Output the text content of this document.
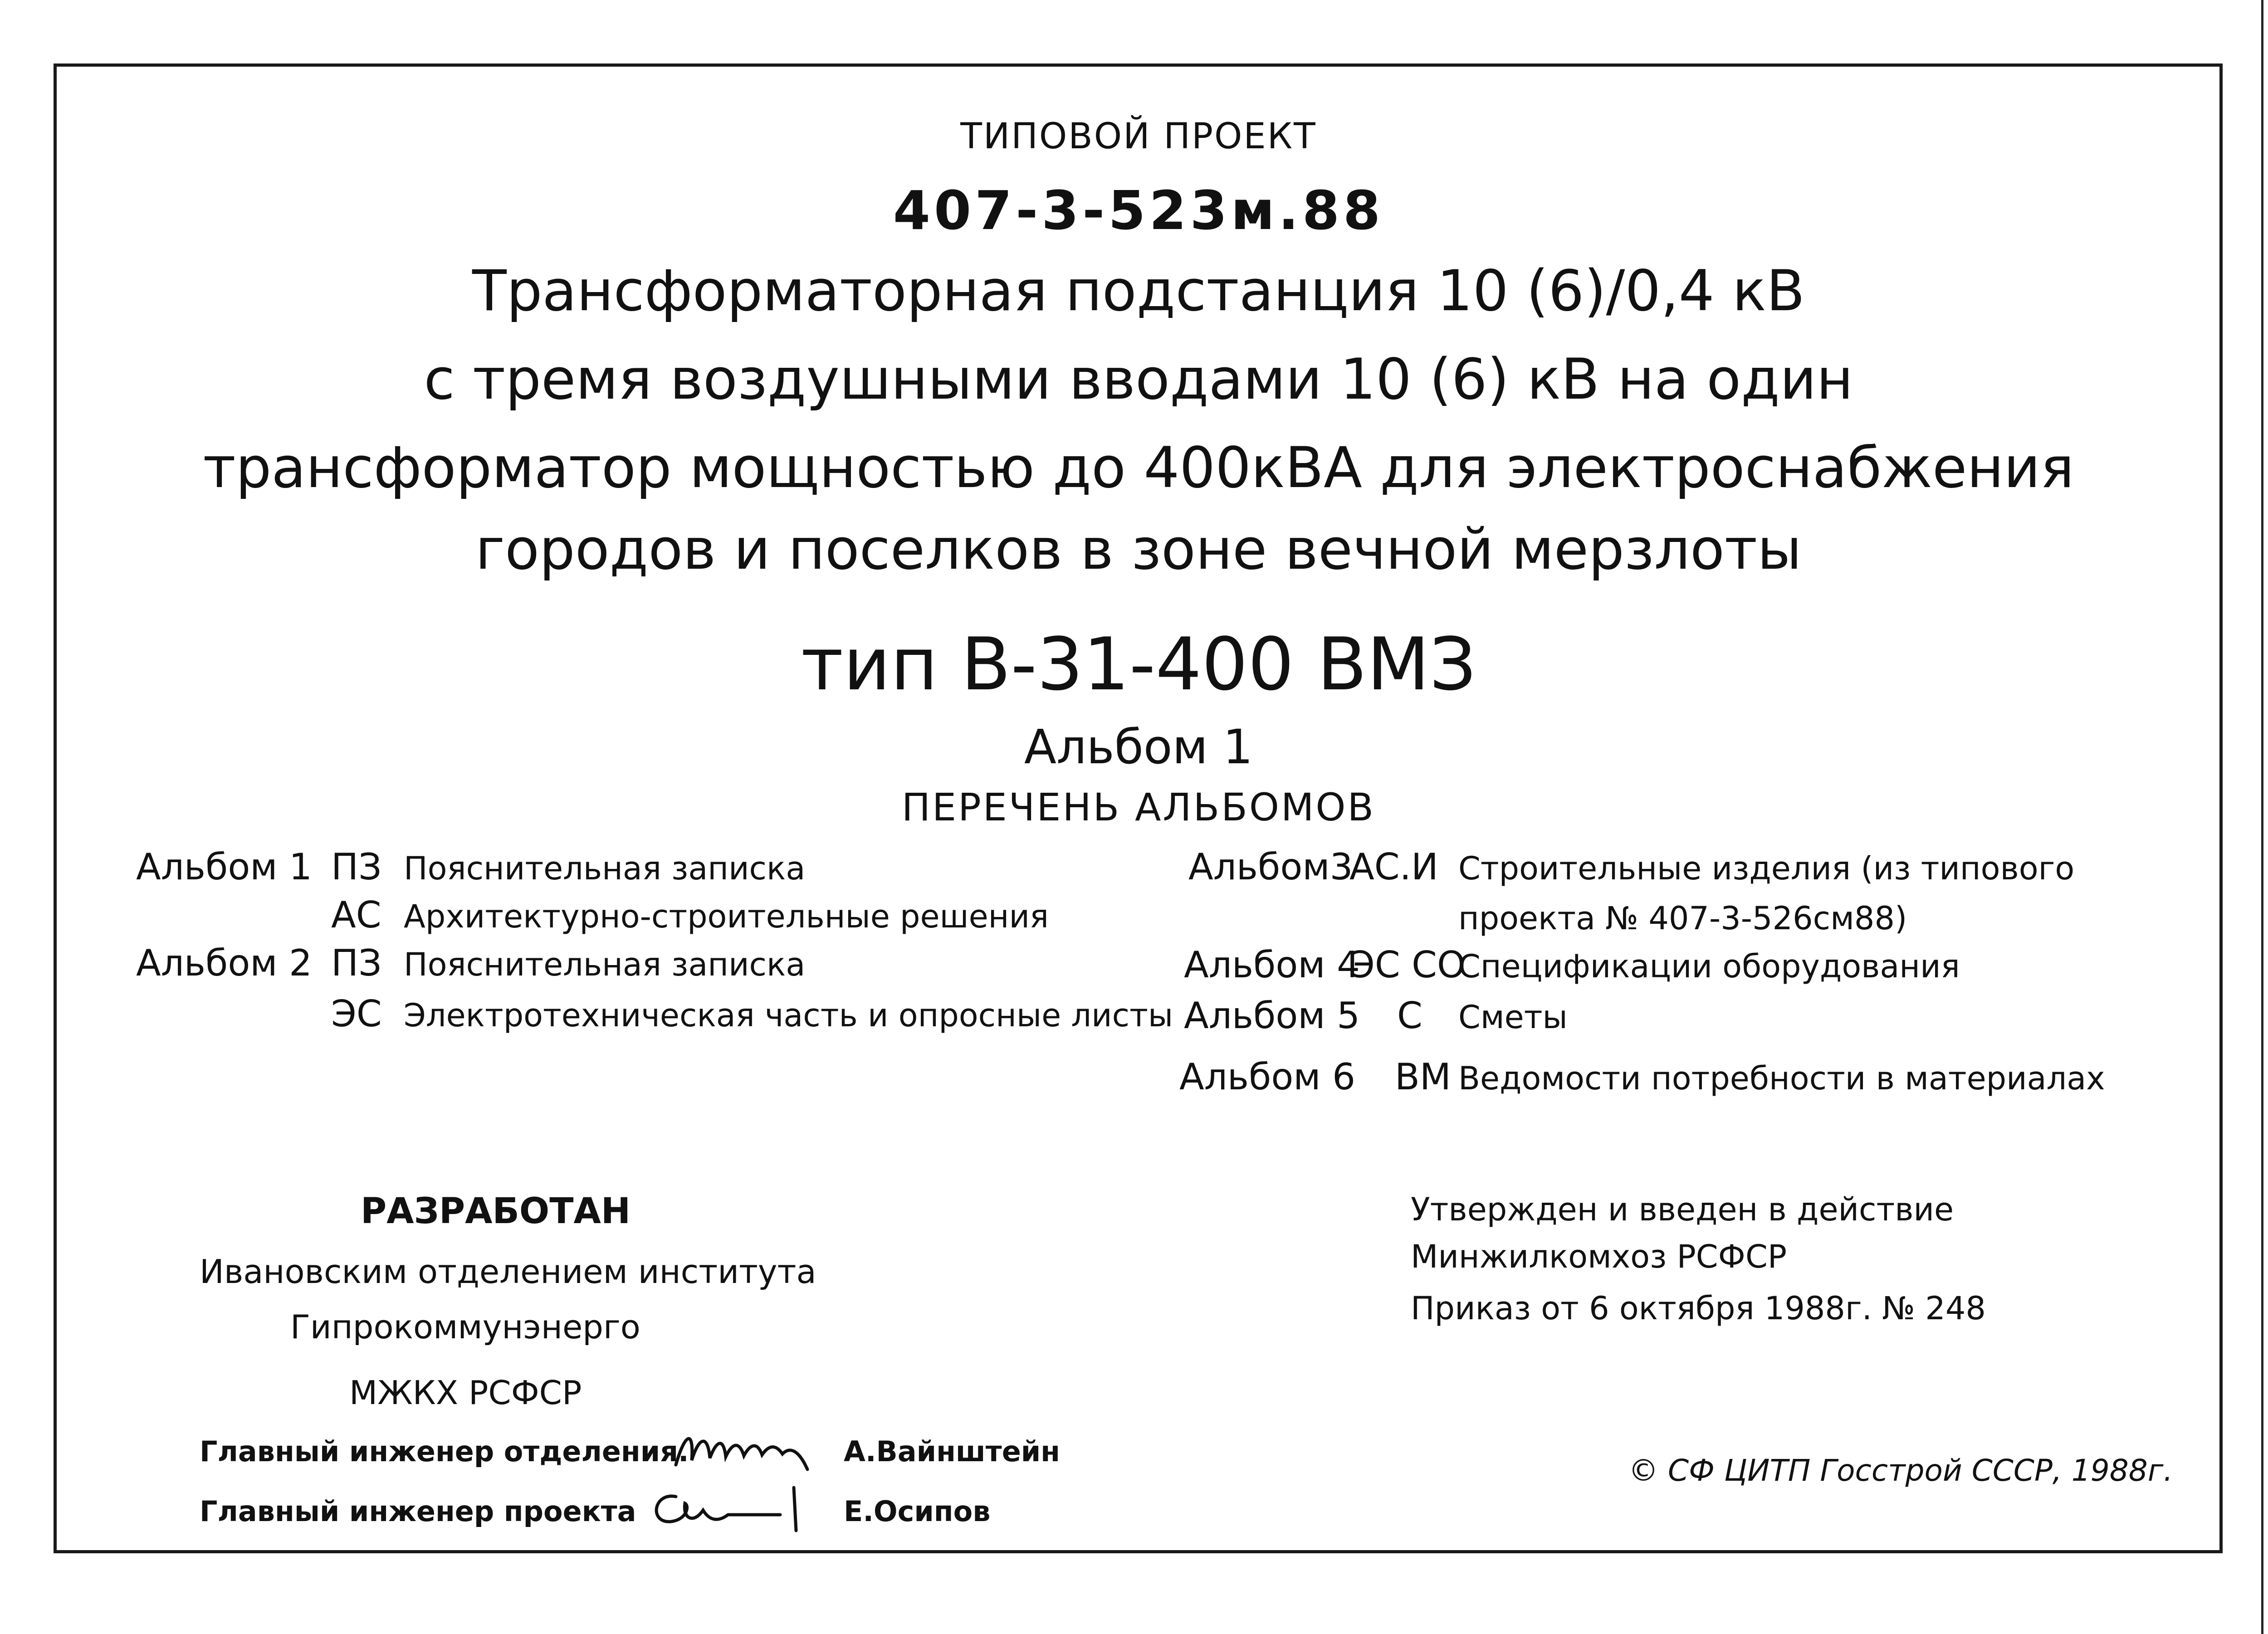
ТИПОВОЙ ПРОЕКТ
407-3-523м.88
Трансформаторная подстанция 10 (6)/0,4 кВ
с тремя воздушными вводами 10 (6) кВ на один
трансформатор мощностью до 400кВА для электроснабжения
городов и поселков в зоне вечной мерзлоты
тип В-31-400 ВМЗ
Альбом 1
ПЕРЕЧЕНЬ АЛЬБОМОВ
Альбом 1 ПЗ Пояснительная записка
АС Архитектурно-строительные решения
Альбом 2 ПЗ Пояснительная записка
ЭС Электротехническая часть и опросные листы
Альбом3
АС.И Строительные изделия (из типового
проекта № 407-3-526см88)
Альбом 4
ЭС СО
Спецификации оборудования
Альбом 5 С Сметы
Альбом 6 ВМ Ведомости потребности в материалах
РАЗРАБОТАН
Ивановским отделением института
Гипрокоммунэнерго
МЖКХ РСФСР
Главный инженер отделения.	А.Вайнштейн
Главный инженер проекта	Е.Осипов
Утвержден и введен в действие
Минжилкомхоз РСФСР
Приказ от 6 октября 1988г. № 248
© СФ ЦИТП Госстрой СССР, 1988г.
